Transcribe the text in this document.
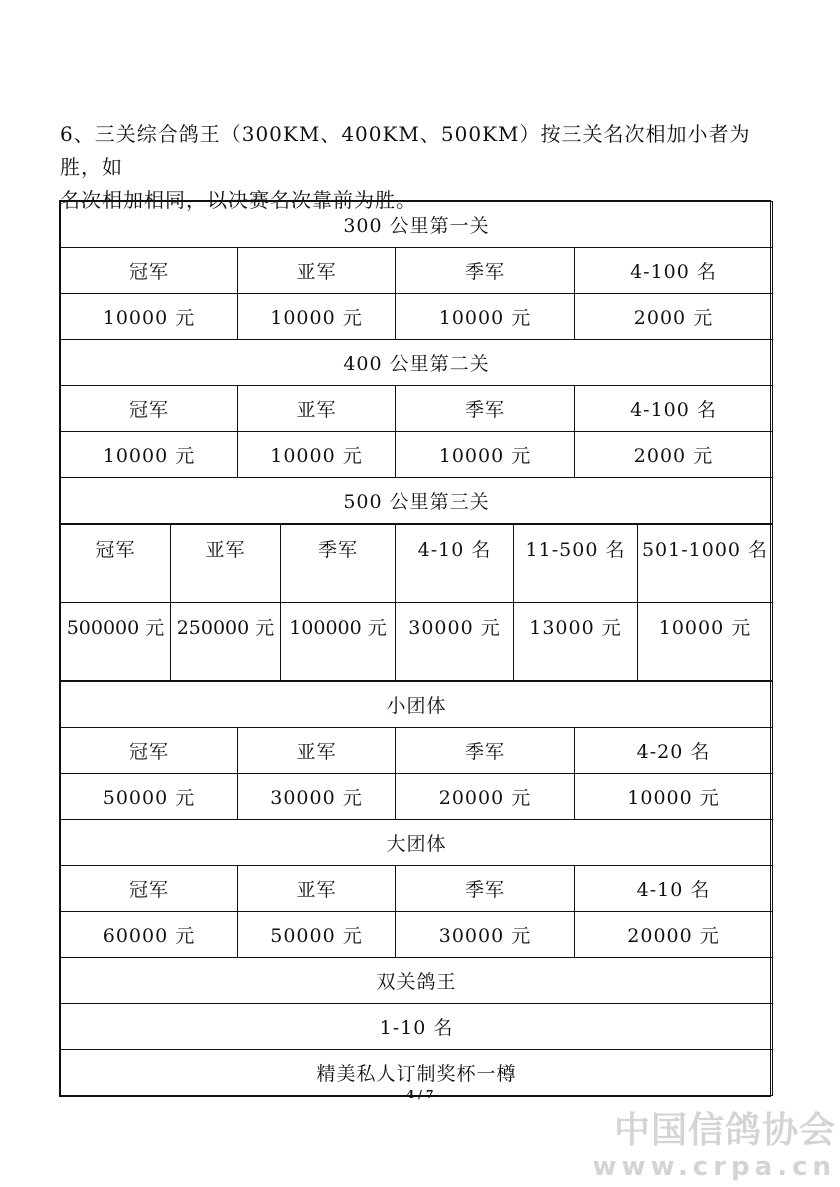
6、三关综合鸽王（300KM、400KM、500KM）按三关名次相加小者为胜，如
名次相加相同，以决赛名次靠前为胜。
300 公里第一关			
冠军	亚军	季军	4-100 名
10000 元	10000 元	10000 元	2000 元
400 公里第二关			
冠军	亚军	季军	4-100 名
10000 元	10000 元	10000 元	2000 元
500 公里第三关			
冠军	亚军	季军	4-10 名	11-500 名	501-1000 名
500000 元	250000 元	100000 元	30000 元	13000 元	10000 元
小团体			
冠军	亚军	季军	4-20 名
50000 元	30000 元	20000 元	10000 元
大团体			
冠军	亚军	季军	4-10 名
60000 元	50000 元	30000 元	20000 元
双关鸽王			
1-10 名			
精美私人订制奖杯一樽			
4 / 7
中国信鸽协会
www.crpa.cn
